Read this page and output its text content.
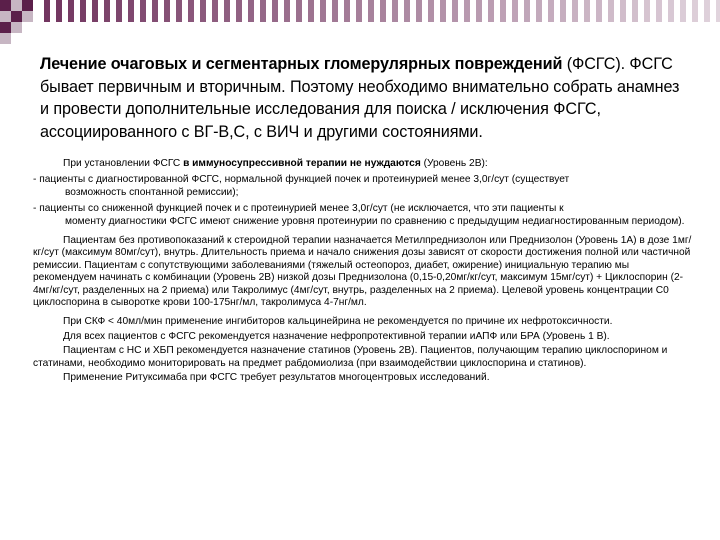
Лечение очаговых и сегментарных гломерулярных повреждений (ФСГС). ФСГС бывает первичным и вторичным. Поэтому необходимо внимательно собрать анамнез и провести дополнительные исследования для поиска / исключения ФСГС, ассоциированного с ВГ-В,С, с ВИЧ и другими состояниями.

При установлении ФСГС в иммуносупрессивной терапии не нуждаются (Уровень 2В):

- пациенты с диагностированной ФСГС, нормальной функцией почек и протеинурией менее 3,0г/сут (существует
возможность спонтанной ремиссии);

- пациенты со сниженной функцией почек и с протеинурией менее 3,0г/сут (не исключается, что эти пациенты к
моменту диагностики ФСГС имеют снижение уровня протеинурии по сравнению с предыдущим недиагностированным периодом).

Пациентам без противопоказаний к стероидной терапии назначается Метилпреднизолон или Преднизолон (Уровень 1А) в дозе 1мг/кг/сут (максимум 80мг/сут), внутрь. Длительность приема и начало снижения дозы зависят от скорости достижения полной или частичной ремиссии. Пациентам с сопутствующими заболеваниями (тяжелый остеопороз, диабет, ожирение) инициальную терапию мы рекомендуем начинать с комбинации (Уровень 2В) низкой дозы Преднизолона (0,15-0,20мг/кг/сут, максимум 15мг/сут) + Циклоспорин (2-4мг/кг/сут, разделенных на 2 приема) или Такролимус (4мг/сут, внутрь, разделенных на 2 приема). Целевой уровень концентрации С0 циклоспорина в сыворотке крови 100-175нг/мл, такролимуса 4-7нг/мл.

При СКФ < 40мл/мин применение ингибиторов кальцинейрина не рекомендуется по причине их нефротоксичности.

Для всех пациентов с ФСГС рекомендуется назначение нефропротективной терапии иАПФ или БРА (Уровень 1 В).

Пациентам с НС и ХБП рекомендуется назначение статинов (Уровень 2В). Пациентов, получающим терапию циклоспорином и статинами, необходимо мониторировать на предмет рабдомиолиза (при взаимодействии циклоспорина и статинов).

Применение Ритуксимаба при ФСГС требует результатов многоцентровых исследований.
